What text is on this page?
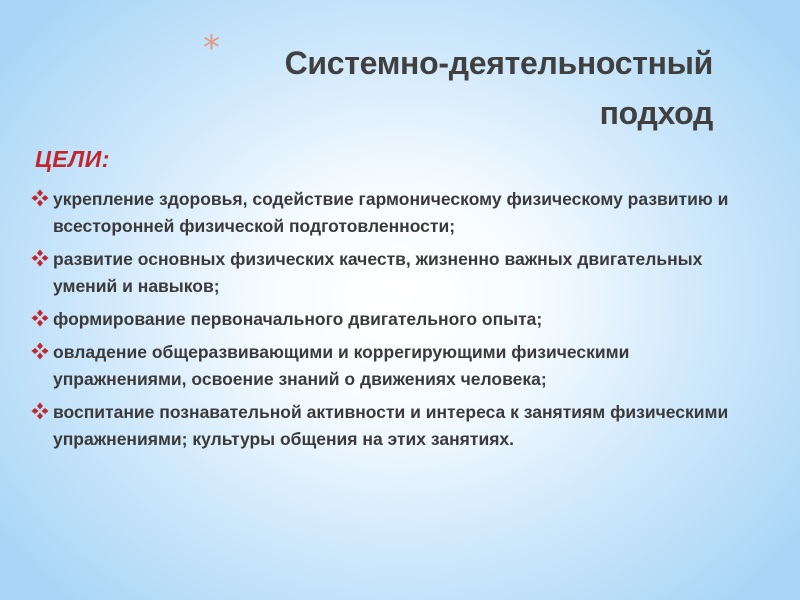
*	Системно-деятельностный
подход
ЦЕЛИ:
укрепление здоровья, содействие гармоническому физическому развитию и всесторонней физической подготовленности;
развитие основных физических качеств, жизненно важных двигательных умений и навыков;
формирование первоначального двигательного опыта;
овладение общеразвивающими и коррегирующими физическими упражнениями, освоение знаний о движениях человека;
воспитание познавательной активности и интереса к занятиям физическими упражнениями; культуры общения на этих занятиях.
